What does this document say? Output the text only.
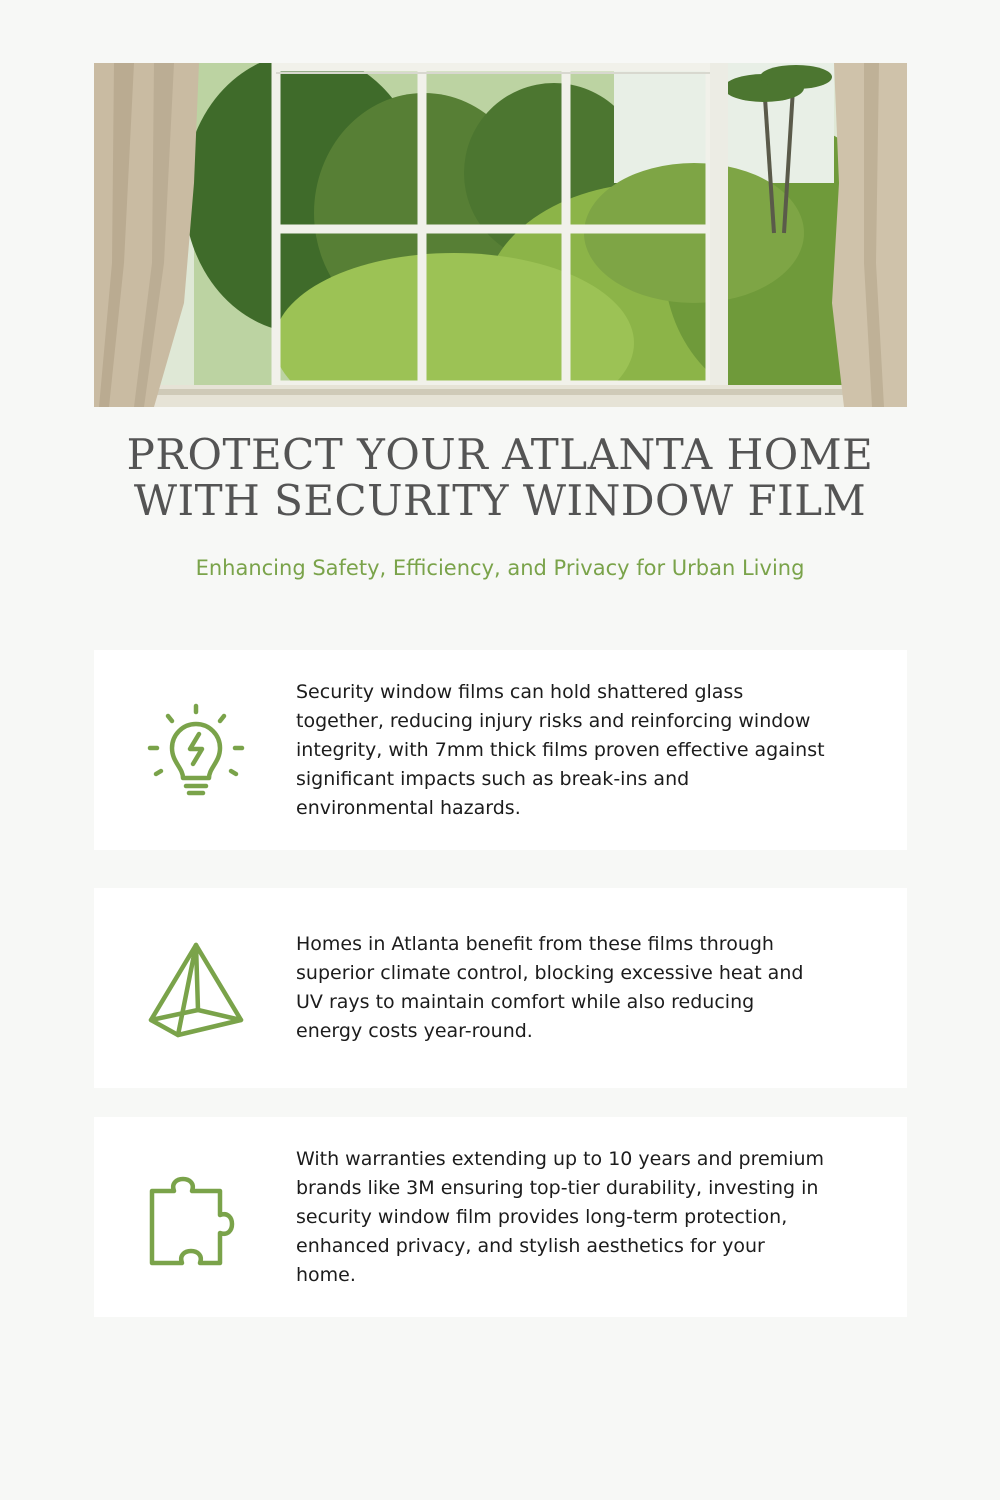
PROTECT YOUR ATLANTA HOME
WITH SECURITY WINDOW FILM

Enhancing Safety, Efficiency, and Privacy for Urban Living

Security window films can hold shattered glass together, reducing injury risks and reinforcing window integrity, with 7mm thick films proven effective against significant impacts such as break-ins and environmental hazards.

Homes in Atlanta benefit from these films through superior climate control, blocking excessive heat and UV rays to maintain comfort while also reducing energy costs year-round.

With warranties extending up to 10 years and premium brands like 3M ensuring top-tier durability, investing in security window film provides long-term protection, enhanced privacy, and stylish aesthetics for your home.
